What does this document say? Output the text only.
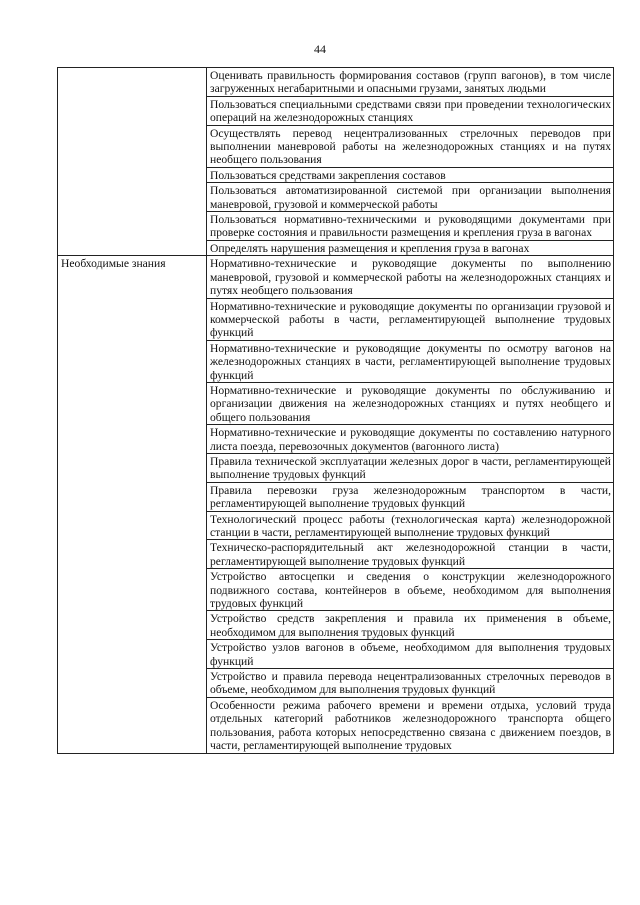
44
	Оценивать правильность формирования составов (групп вагонов), в том числе загруженных негабаритными и опасными грузами, занятых людьми
	Пользоваться специальными средствами связи при проведении технологических операций на железнодорожных станциях
	Осуществлять перевод нецентрализованных стрелочных переводов при выполнении маневровой работы на железнодорожных станциях и на путях необщего пользования
	Пользоваться средствами закрепления составов
	Пользоваться автоматизированной системой при организации выполнения маневровой, грузовой и коммерческой работы
	Пользоваться нормативно-техническими и руководящими документами при проверке состояния и правильности размещения и крепления груза в вагонах
	Определять нарушения размещения и крепления груза в вагонах
Необходимые знания	Нормативно-технические и руководящие документы по выполнению маневровой, грузовой и коммерческой работы на железнодорожных станциях и путях необщего пользования
	Нормативно-технические и руководящие документы по организации грузовой и коммерческой работы в части, регламентирующей выполнение трудовых функций
	Нормативно-технические и руководящие документы по осмотру вагонов на железнодорожных станциях в части, регламентирующей выполнение трудовых функций
	Нормативно-технические и руководящие документы по обслуживанию и организации движения на железнодорожных станциях и путях необщего и общего пользования
	Нормативно-технические и руководящие документы по составлению натурного листа поезда, перевозочных документов (вагонного листа)
	Правила технической эксплуатации железных дорог в части, регламентирующей выполнение трудовых функций
	Правила перевозки груза железнодорожным транспортом в части, регламентирующей выполнение трудовых функций
	Технологический процесс работы (технологическая карта) железнодорожной станции в части, регламентирующей выполнение трудовых функций
	Техническо-распорядительный акт железнодорожной станции в части, регламентирующей выполнение трудовых функций
	Устройство автосцепки и сведения о конструкции железнодорожного подвижного состава, контейнеров в объеме, необходимом для выполнения трудовых функций
	Устройство средств закрепления и правила их применения в объеме, необходимом для выполнения трудовых функций
	Устройство узлов вагонов в объеме, необходимом для выполнения трудовых функций
	Устройство и правила перевода нецентрализованных стрелочных переводов в объеме, необходимом для выполнения трудовых функций
	Особенности режима рабочего времени и времени отдыха, условий труда отдельных категорий работников железнодорожного транспорта общего пользования, работа которых непосредственно связана с движением поездов, в части, регламентирующей выполнение трудовых
